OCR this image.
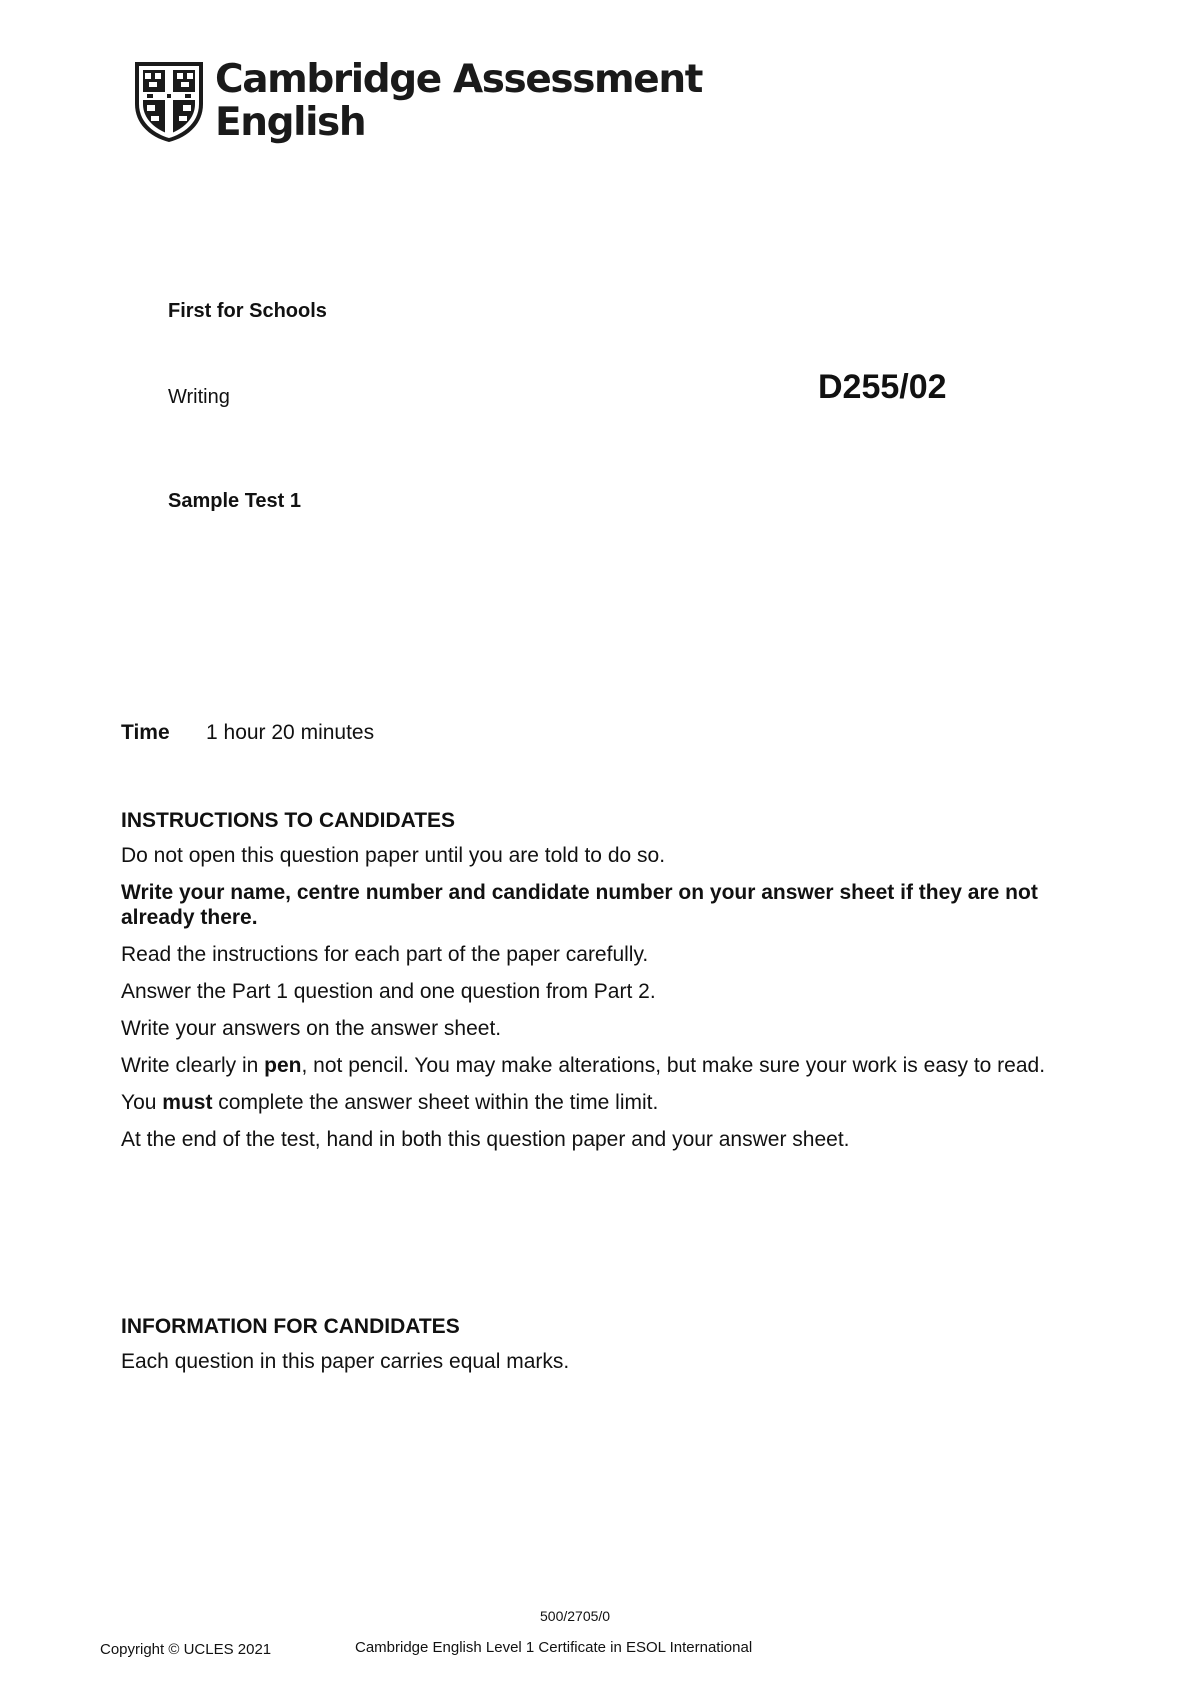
Cambridge Assessment
English
First for Schools
Writing	D255/02
Sample Test 1
Time 1 hour 20 minutes
INSTRUCTIONS TO CANDIDATES

Do not open this question paper until you are told to do so.

Write your name, centre number and candidate number on your answer sheet if they are not already there.

Read the instructions for each part of the paper carefully.

Answer the Part 1 question and one question from Part 2.

Write your answers on the answer sheet.

Write clearly in pen, not pencil. You may make alterations, but make sure your work is easy to read.

You must complete the answer sheet within the time limit.

At the end of the test, hand in both this question paper and your answer sheet.

INFORMATION FOR CANDIDATES

Each question in this paper carries equal marks.

500/2705/0
Copyright © UCLES 2021	Cambridge English Level 1 Certificate in ESOL International
